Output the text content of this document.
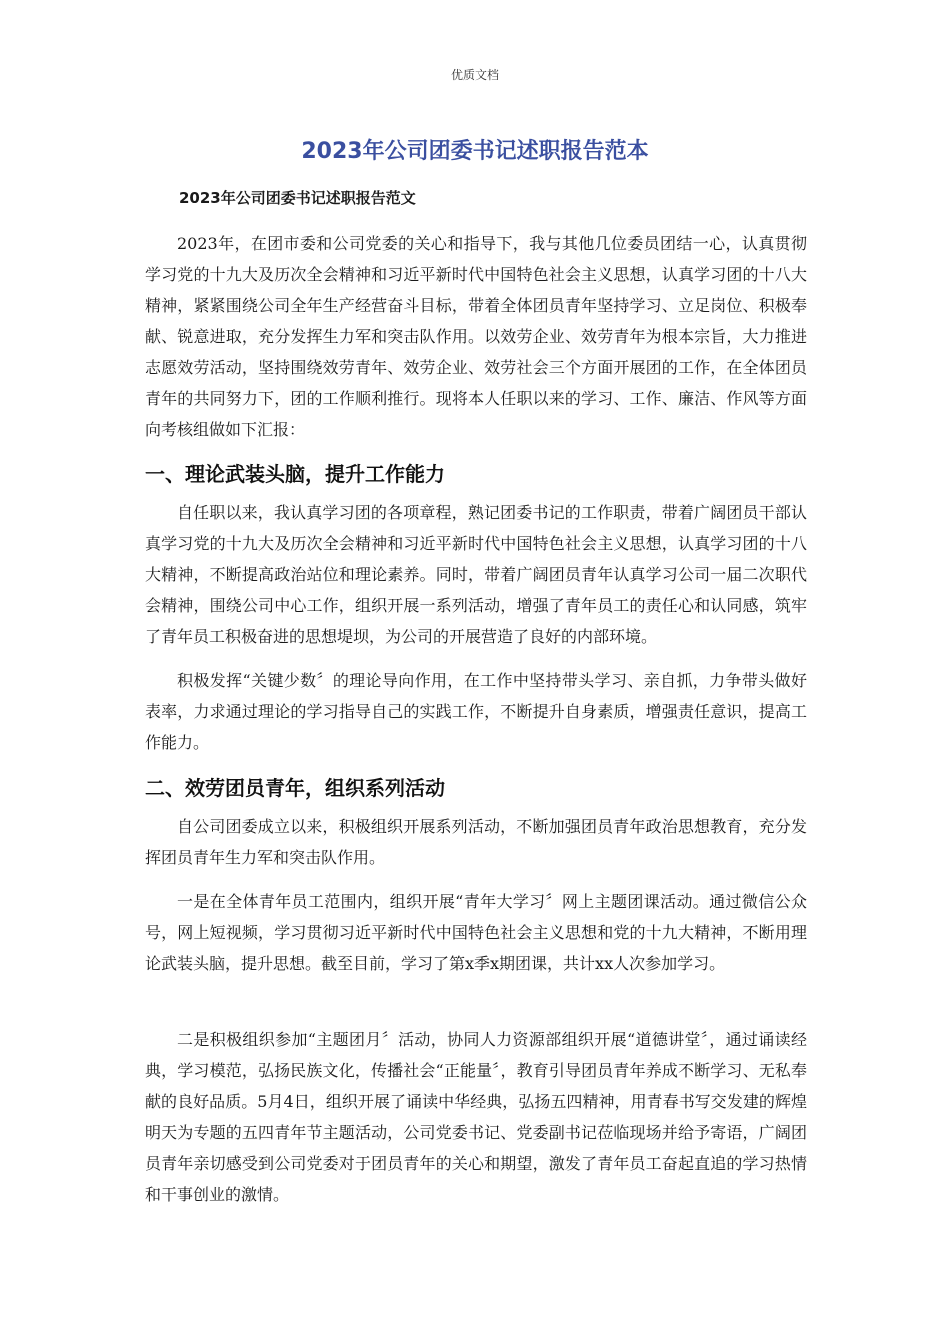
优质文档
2023年公司团委书记述职报告范本
2023年公司团委书记述职报告范文

2023年，在团市委和公司党委的关心和指导下，我与其他几位委员团结一心，认真贯彻学习党的十九大及历次全会精神和习近平新时代中国特色社会主义思想，认真学习团的十八大精神，紧紧围绕公司全年生产经营奋斗目标，带着全体团员青年坚持学习、立足岗位、积极奉献、锐意进取，充分发挥生力军和突击队作用。以效劳企业、效劳青年为根本宗旨，大力推进志愿效劳活动，坚持围绕效劳青年、效劳企业、效劳社会三个方面开展团的工作，在全体团员青年的共同努力下，团的工作顺利推行。现将本人任职以来的学习、工作、廉洁、作风等方面向考核组做如下汇报：

一、理论武装头脑，提升工作能力

自任职以来，我认真学习团的各项章程，熟记团委书记的工作职责，带着广阔团员干部认真学习党的十九大及历次全会精神和习近平新时代中国特色社会主义思想，认真学习团的十八大精神，不断提高政治站位和理论素养。同时，带着广阔团员青年认真学习公司一届二次职代会精神，围绕公司中心工作，组织开展一系列活动，增强了青年员工的责任心和认同感，筑牢了青年员工积极奋进的思想堤坝，为公司的开展营造了良好的内部环境。

积极发挥“关键少数〞的理论导向作用，在工作中坚持带头学习、亲自抓，力争带头做好表率，力求通过理论的学习指导自己的实践工作，不断提升自身素质，增强责任意识，提高工作能力。

二、效劳团员青年，组织系列活动

自公司团委成立以来，积极组织开展系列活动，不断加强团员青年政治思想教育，充分发挥团员青年生力军和突击队作用。

一是在全体青年员工范围内，组织开展“青年大学习〞网上主题团课活动。通过微信公众号，网上短视频，学习贯彻习近平新时代中国特色社会主义思想和党的十九大精神，不断用理论武装头脑，提升思想。截至目前，学习了第x季x期团课，共计xx人次参加学习。

二是积极组织参加“主题团月〞活动，协同人力资源部组织开展“道德讲堂〞，通过诵读经典，学习模范，弘扬民族文化，传播社会“正能量〞，教育引导团员青年养成不断学习、无私奉献的良好品质。5月4日，组织开展了诵读中华经典，弘扬五四精神，用青春书写交发建的辉煌明天为专题的五四青年节主题活动，公司党委书记、党委副书记莅临现场并给予寄语，广阔团员青年亲切感受到公司党委对于团员青年的关心和期望，激发了青年员工奋起直追的学习热情和干事创业的激情。
